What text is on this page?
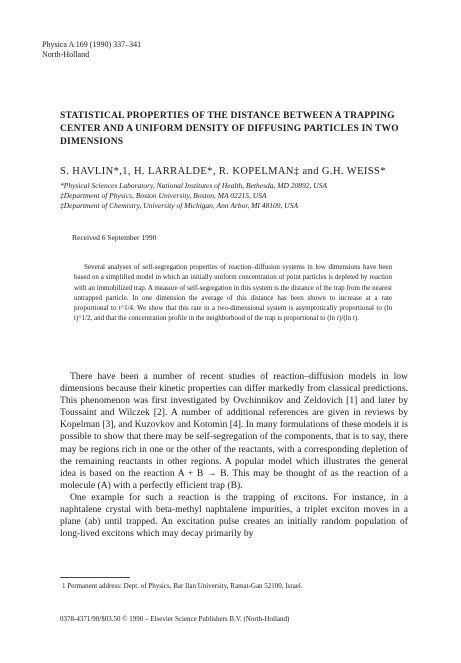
Physica A 169 (1990) 337–341
North-Holland
STATISTICAL PROPERTIES OF THE DISTANCE BETWEEN A TRAPPING CENTER AND A UNIFORM DENSITY OF DIFFUSING PARTICLES IN TWO DIMENSIONS
S. HAVLIN*,1, H. LARRALDE*, R. KOPELMAN‡ and G.H. WEISS*
*Physical Sciences Laboratory, National Institutes of Health, Bethesda, MD 20892, USA
‡Department of Physics, Boston University, Boston, MA 02215, USA
‡Department of Chemistry, University of Michigan, Ann Arbor, MI 48109, USA
Received 6 September 1990

Several analyses of self-segregation properties of reaction–diffusion systems in low dimensions have been based on a simplified model in which an initially uniform concentration of point particles is depleted by reaction with an immobilized trap. A measure of self-segregation in this system is the distance of the trap from the nearest untrapped particle. In one dimension the average of this distance has been shown to increase at a rate proportional to t^1/4. We show that this rate in a two-dimensional system is asymptotically proportional to (ln t)^1/2, and that the concentration profile in the neighborhood of the trap is proportional to (ln r)/(ln t).

There have been a number of recent studies of reaction–diffusion models in low dimensions because their kinetic properties can differ markedly from classical predictions. This phenomenon was first investigated by Ovchinnikov and Zeldovich [1] and later by Toussaint and Wilczek [2]. A number of additional references are given in reviews by Kopelman [3], and Kuzovkov and Kotomin [4]. In many formulations of these models it is possible to show that there may be self-segregation of the components, that is to say, there may be regions rich in one or the other of the reactants, with a corresponding depletion of the remaining reactants in other regions. A popular model which illustrates the general idea is based on the reaction A + B → B. This may be thought of as the reaction of a molecule (A) with a perfectly efficient trap (B).

One example for such a reaction is the trapping of excitons. For instance, in a naphtalene crystal with beta-methyl naphtalene impurities, a triplet exciton moves in a plane (ab) until trapped. An excitation pulse creates an initially random population of long-lived excitons which may decay primarily by

1 Permanent address: Dept. of Physics, Bar Ilan University, Ramat-Gan 52100, Israel.
0378-4371/90/$03.50 © 1990 – Elsevier Science Publishers B.V. (North-Holland)
